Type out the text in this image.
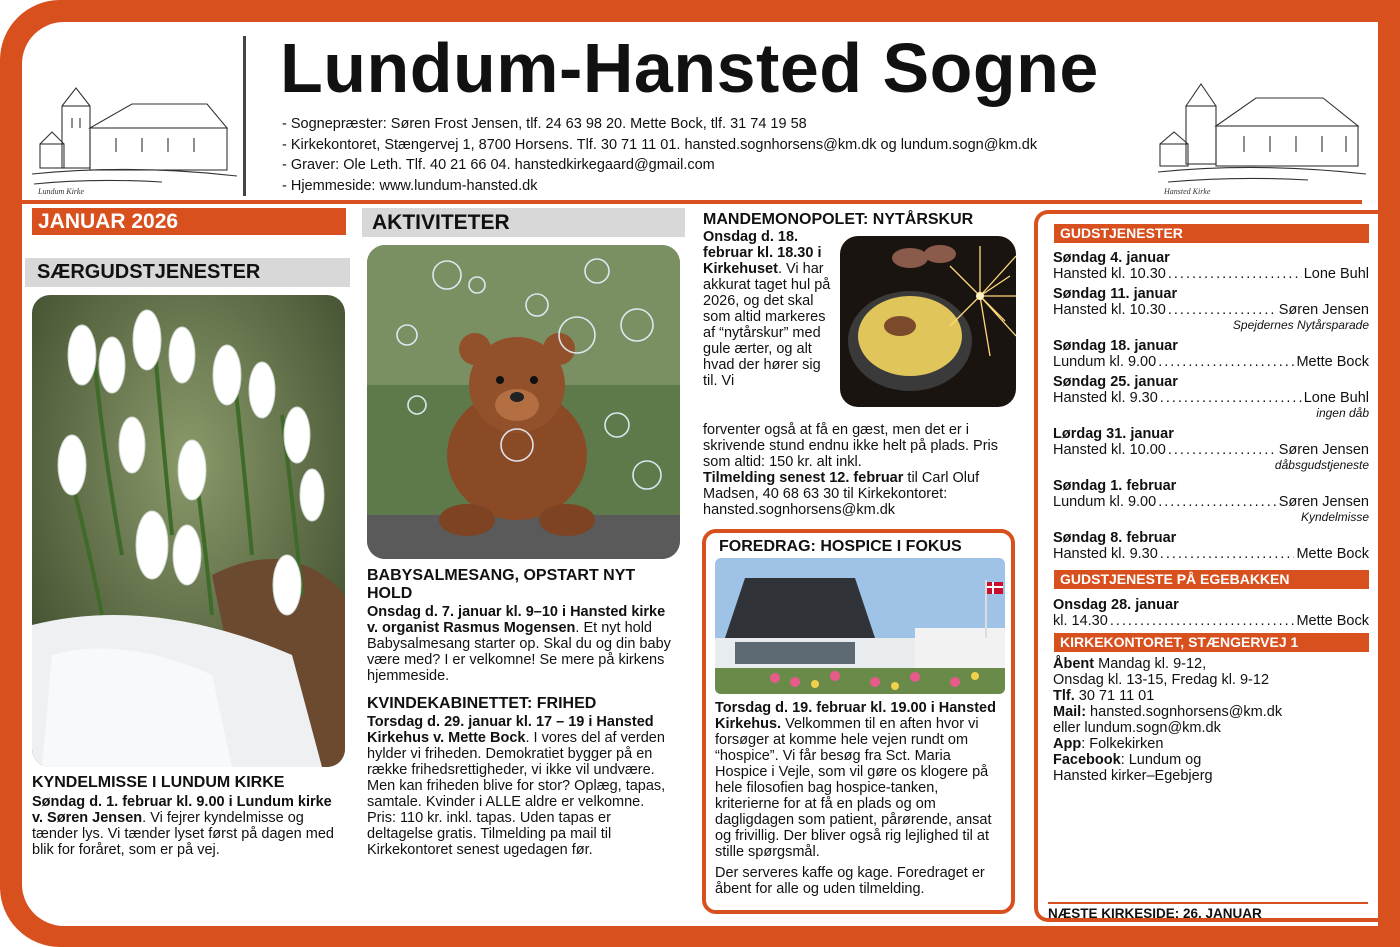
Lundum Kirke
Lundum-Hansted Sogne
- Sognepræster: Søren Frost Jensen, tlf. 24 63 98 20. Mette Bock, tlf. 31 74 19 58
- Kirkekontoret, Stængervej 1, 8700 Horsens. Tlf. 30 71 11 01. hansted.sognhorsens@km.dk og lundum.sogn@km.dk
- Graver: Ole Leth. Tlf. 40 21 66 04. hanstedkirkegaard@gmail.com
- Hjemmeside: www.lundum-hansted.dk	Hansted Kirke
JANUAR 2026
SÆRGUDSTJENESTER
KYNDELMISSE I LUNDUM KIRKE
Søndag d. 1. februar kl. 9.00 i Lundum kirke v. Søren Jensen. Vi fejrer kyndelmisse og tænder lys. Vi tænder lyset først på dagen med blik for foråret, som er på vej.
AKTIVITETER
BABYSALMESANG, OPSTART NYT HOLD
Onsdag d. 7. januar kl. 9–10 i Hansted kirke v. organist Rasmus Mogensen. Et nyt hold Babysalmesang starter op. Skal du og din baby være med? I er velkomne! Se mere på kirkens hjemmeside.
KVINDEKABINETTET: FRIHED
Torsdag d. 29. januar kl. 17 – 19 i Hansted Kirkehus v. Mette Bock. I vores del af verden hylder vi friheden. Demokratiet bygger på en række frihedsrettigheder, vi ikke vil undvære. Men kan friheden blive for stor? Oplæg, tapas, samtale. Kvinder i ALLE aldre er velkomne. Pris: 110 kr. inkl. tapas. Uden tapas er deltagelse gratis. Tilmelding pa mail til Kirkekontoret senest ugedagen før.
MANDEMONOPOLET: NYTÅRSKUR
Onsdag d. 18. februar kl. 18.30 i Kirkehuset. Vi har akkurat taget hul på 2026, og det skal som altid markeres af “nytårskur” med gule ærter, og alt hvad der hører sig til. Vi
forventer også at få en gæst, men det er i skrivende stund endnu ikke helt på plads. Pris som altid: 150 kr. alt inkl.
Tilmelding senest 12. februar til Carl Oluf Madsen, 40 68 63 30 til Kirkekontoret: hansted.sognhorsens@km.dk
FOREDRAG: HOSPICE I FOKUS
Torsdag d. 19. februar kl. 19.00 i Hansted Kirkehus. Velkommen til en aften hvor vi forsøger at komme hele vejen rundt om “hospice”. Vi får besøg fra Sct. Maria Hospice i Vejle, som vil gøre os klogere på hele filosofien bag hospice-tanken, kriterierne for at få en plads og om dagligdagen som patient, pårørende, ansat og frivillig. Der bliver også rig lejlighed til at stille spørgsmål.
Der serveres kaffe og kage. Foredraget er åbent for alle og uden tilmelding.
GUDSTJENESTER
Søndag 4. januar
Hansted kl. 10.30 .....	Lone Buhl
Søndag 11. januar
Hansted kl. 10.30 .....	Søren Jensen
Spejdernes Nytårsparade
Søndag 18. januar
Lundum kl. 9.00 .....	Mette Bock
Søndag 25. januar
Hansted kl. 9.30 .....	Lone Buhl
ingen dåb
Lørdag 31. januar
Hansted kl. 10.00 .....	Søren Jensen
dåbsgudstjeneste
Søndag 1. februar
Lundum kl. 9.00 .....	Søren Jensen
Kyndelmisse
Søndag 8. februar
Hansted kl. 9.30 .....	Mette Bock
GUDSTJENESTE PÅ EGEBAKKEN
Onsdag 28. januar
kl. 14.30 .....	Mette Bock
KIRKEKONTORET, STÆNGERVEJ 1
Åbent Mandag kl. 9-12,
Onsdag kl. 13-15, Fredag kl. 9-12
Tlf. 30 71 11 01
Mail: hansted.sognhorsens@km.dk
eller lundum.sogn@km.dk
App: Folkekirken
Facebook: Lundum og
Hansted kirker–Egebjerg
NÆSTE KIRKESIDE: 26. JANUAR
